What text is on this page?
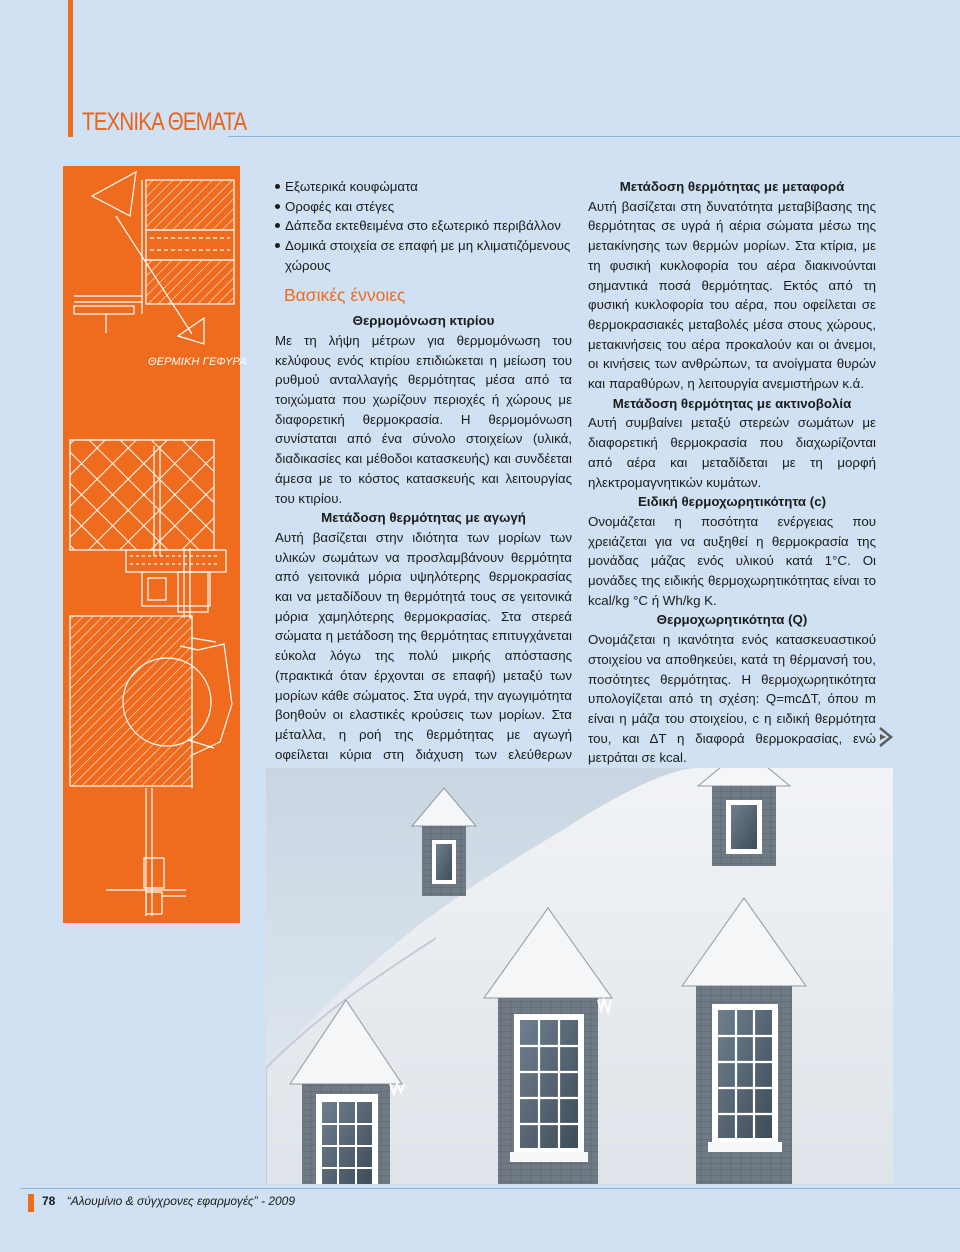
ΤΕΧΝΙΚΑ ΘΕΜΑΤΑ
ΘΕΡΜΙΚΗ ΓΕΦΥΡΑ
Εξωτερικά κουφώματα
Οροφές και στέγες
Δάπεδα εκτεθειμένα στο εξωτερικό περιβάλλον
Δομικά στοιχεία σε επαφή με μη κλιματιζόμενους χώρους
Βασικές έννοιες
Θερμομόνωση κτιρίου

Με τη λήψη μέτρων για θερμομόνωση του κελύφους ενός κτιρίου επιδιώκεται η μείωση του ρυθμού ανταλλαγής θερμότητας μέσα από τα τοιχώματα που χωρίζουν περιοχές ή χώρους με διαφορετική θερμοκρασία. Η θερμομόνωση συνίσταται από ένα σύνολο στοιχείων (υλικά, διαδικασίες και μέθοδοι κατασκευής) και συνδέεται άμεσα με το κόστος κατασκευής και λειτουργίας του κτιρίου.

Μετάδοση θερμότητας με αγωγή

Αυτή βασίζεται στην ιδιότητα των μορίων των υλικών σωμάτων να προσλαμβάνουν θερμότητα από γειτονικά μόρια υψηλότερης θερμοκρασίας και να μεταδίδουν τη θερμότητά τους σε γειτονικά μόρια χαμηλότερης θερμοκρασίας. Στα στερεά σώματα η μετάδοση της θερμότητας επιτυγχάνεται εύκολα λόγω της πολύ μικρής απόστασης (πρακτικά όταν έρχονται σε επαφή) μεταξύ των μορίων κάθε σώματος. Στα υγρά, την αγωγιμότητα βοηθούν οι ελαστικές κρούσεις των μορίων. Στα μέταλλα, η ροή της θερμότητας με αγωγή οφείλεται κύρια στη διάχυση των ελεύθερων

Μετάδοση θερμότητας με μεταφορά

Αυτή βασίζεται στη δυνατότητα μεταβίβασης της θερμότητας σε υγρά ή αέρια σώματα μέσω της μετακίνησης των θερμών μορίων. Στα κτίρια, με τη φυσική κυκλοφορία του αέρα διακινούνται σημαντικά ποσά θερμότητας. Εκτός από τη φυσική κυκλοφορία του αέρα, που οφείλεται σε θερμοκρασιακές μεταβολές μέσα στους χώρους, μετακινήσεις του αέρα προκαλούν και οι άνεμοι, οι κινήσεις των ανθρώπων, τα ανοίγματα θυρών και παραθύρων, η λειτουργία ανεμιστήρων κ.ά.

Μετάδοση θερμότητας με ακτινοβολία

Αυτή συμβαίνει μεταξύ στερεών σωμάτων με διαφορετική θερμοκρασία που διαχωρίζονται από αέρα και μεταδίδεται με τη μορφή ηλεκτρομαγνητικών κυμάτων.

Ειδική θερμοχωρητικότητα (c)

Ονομάζεται η ποσότητα ενέργειας που χρειάζεται για να αυξηθεί η θερμοκρασία της μονάδας μάζας ενός υλικού κατά 1°C. Οι μονάδες της ειδικής θερμοχωρητικότητας είναι το kcal/kg °C ή Wh/kg K.

Θερμοχωρητικότητα (Q)

Ονομάζεται η ικανότητα ενός κατασκευαστικού στοιχείου να αποθηκεύει, κατά τη θέρμανσή του, ποσότητες θερμότητας. Η θερμοχωρητικότητα υπολογίζεται από τη σχέση: Q=mcΔT, όπου m είναι η μάζα του στοιχείου, c η ειδική θερμότητα του, και ΔT η διαφορά θερμοκρασίας, ενώ μετράται σε kcal.

78 “Αλουμίνιο & σύγχρονες εφαρμογές” - 2009
